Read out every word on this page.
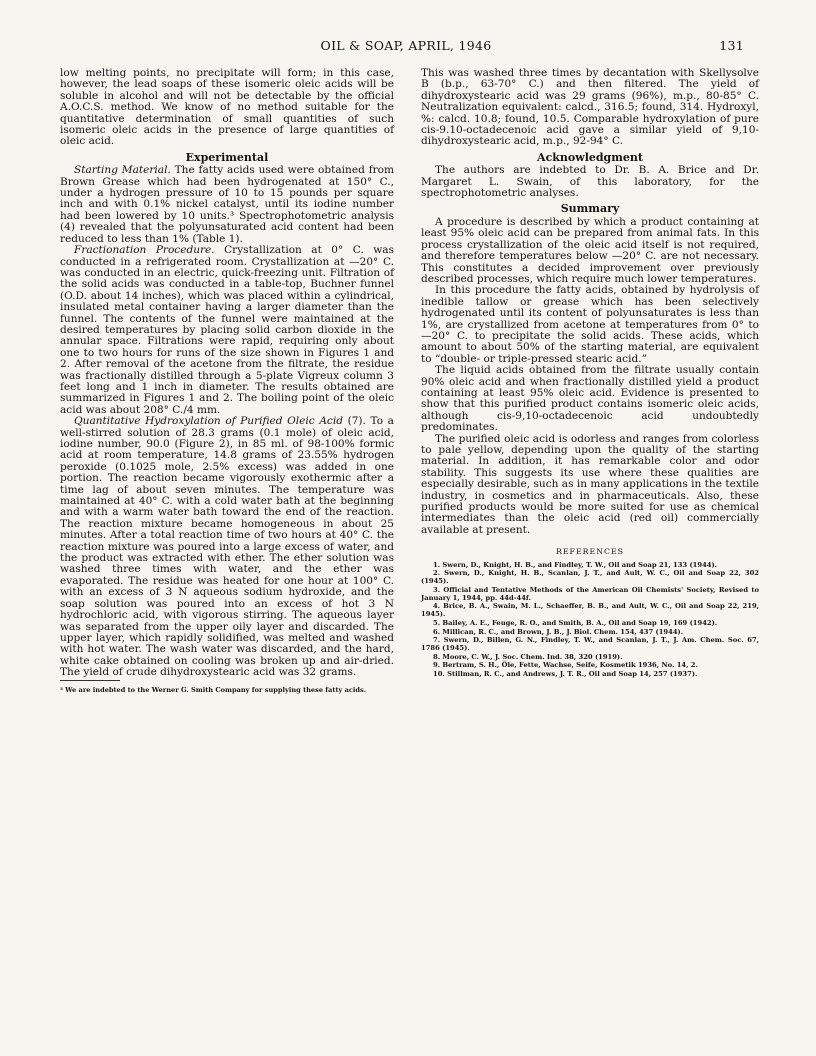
OIL & SOAP, APRIL, 1946	131

low melting points, no precipitate will form; in this case, however, the lead soaps of these isomeric oleic acids will be soluble in alcohol and will not be detectable by the official A.O.C.S. method. We know of no method suitable for the quantitative determination of small quantities of such isomeric oleic acids in the presence of large quantities of oleic acid.

Experimental

Starting Material. The fatty acids used were obtained from Brown Grease which had been hydrogenated at 150° C., under a hydrogen pressure of 10 to 15 pounds per square inch and with 0.1% nickel catalyst, until its iodine number had been lowered by 10 units.³ Spectrophotometric analysis (4) revealed that the polyunsaturated acid content had been reduced to less than 1% (Table 1).

Fractionation Procedure. Crystallization at 0° C. was conducted in a refrigerated room. Crystallization at —20° C. was conducted in an electric, quick-freezing unit. Filtration of the solid acids was conducted in a table-top, Buchner funnel (O.D. about 14 inches), which was placed within a cylindrical, insulated metal container having a larger diameter than the funnel. The contents of the funnel were maintained at the desired temperatures by placing solid carbon dioxide in the annular space. Filtrations were rapid, requiring only about one to two hours for runs of the size shown in Figures 1 and 2. After removal of the acetone from the filtrate, the residue was fractionally distilled through a 5-plate Vigreux column 3 feet long and 1 inch in diameter. The results obtained are summarized in Figures 1 and 2. The boiling point of the oleic acid was about 208° C./4 mm.

Quantitative Hydroxylation of Purified Oleic Acid (7). To a well-stirred solution of 28.3 grams (0.1 mole) of oleic acid, iodine number, 90.0 (Figure 2), in 85 ml. of 98-100% formic acid at room temperature, 14.8 grams of 23.55% hydrogen peroxide (0.1025 mole, 2.5% excess) was added in one portion. The reaction became vigorously exothermic after a time lag of about seven minutes. The temperature was maintained at 40° C. with a cold water bath at the beginning and with a warm water bath toward the end of the reaction. The reaction mixture became homogeneous in about 25 minutes. After a total reaction time of two hours at 40° C. the reaction mixture was poured into a large excess of water, and the product was extracted with ether. The ether solution was washed three times with water, and the ether was evaporated. The residue was heated for one hour at 100° C. with an excess of 3 N aqueous sodium hydroxide, and the soap solution was poured into an excess of hot 3 N hydrochloric acid, with vigorous stirring. The aqueous layer was separated from the upper oily layer and discarded. The upper layer, which rapidly solidified, was melted and washed with hot water. The wash water was discarded, and the hard, white cake obtained on cooling was broken up and air-dried. The yield of crude dihydroxystearic acid was 32 grams.

³ We are indebted to the Werner G. Smith Company for supplying these fatty acids.

This was washed three times by decantation with Skellysolve B (b.p., 63-70° C.) and then filtered. The yield of dihydroxystearic acid was 29 grams (96%), m.p., 80-85° C. Neutralization equivalent: calcd., 316.5; found, 314. Hydroxyl, %: calcd. 10.8; found, 10.5. Comparable hydroxylation of pure cis-9.10-octadecenoic acid gave a similar yield of 9,10-dihydroxystearic acid, m.p., 92-94° C.

Acknowledgment

The authors are indebted to Dr. B. A. Brice and Dr. Margaret L. Swain, of this laboratory, for the spectrophotometric analyses.

Summary

A procedure is described by which a product containing at least 95% oleic acid can be prepared from animal fats. In this process crystallization of the oleic acid itself is not required, and therefore temperatures below —20° C. are not necessary. This constitutes a decided improvement over previously described processes, which require much lower temperatures.

In this procedure the fatty acids, obtained by hydrolysis of inedible tallow or grease which has been selectively hydrogenated until its content of polyunsaturates is less than 1%, are crystallized from acetone at temperatures from 0° to —20° C. to precipitate the solid acids. These acids, which amount to about 50% of the starting material, are equivalent to “double- or triple-pressed stearic acid.”

The liquid acids obtained from the filtrate usually contain 90% oleic acid and when fractionally distilled yield a product containing at least 95% oleic acid. Evidence is presented to show that this purified product contains isomeric oleic acids, although cis-9,10-octadecenoic acid undoubtedly predominates.

The purified oleic acid is odorless and ranges from colorless to pale yellow, depending upon the quality of the starting material. In addition, it has remarkable color and odor stability. This suggests its use where these qualities are especially desirable, such as in many applications in the textile industry, in cosmetics and in pharmaceuticals. Also, these purified products would be more suited for use as chemical intermediates than the oleic acid (red oil) commercially available at present.

REFERENCES

1. Swern, D., Knight, H. B., and Findley, T. W., Oil and Soap 21, 133 (1944).

2. Swern, D., Knight, H. B., Scanlan, J. T., and Ault, W. C., Oil and Soap 22, 302 (1945).

3. Official and Tentative Methods of the American Oil Chemists' Society, Revised to January 1, 1944, pp. 44d-44f.

4. Brice, B. A., Swain, M. L., Schaeffer, B. B., and Ault, W. C., Oil and Soap 22, 219, 1945).

5. Bailey, A. E., Feuge, R. O., and Smith, B. A., Oil and Soap 19, 169 (1942).

6. Millican, R. C., and Brown, J. B., J. Biol. Chem. 154, 437 (1944).

7. Swern, D., Billen, G. N., Findley, T. W., and Scanlan, J. T., J. Am. Chem. Soc. 67, 1786 (1945).

8. Moore, C. W., J. Soc. Chem. Ind. 38, 320 (1919).

9. Bertram, S. H., Öle, Fette, Wachse, Seife, Kosmetik 1936, No. 14, 2.

10. Stillman, R. C., and Andrews, J. T. R., Oil and Soap 14, 257 (1937).
